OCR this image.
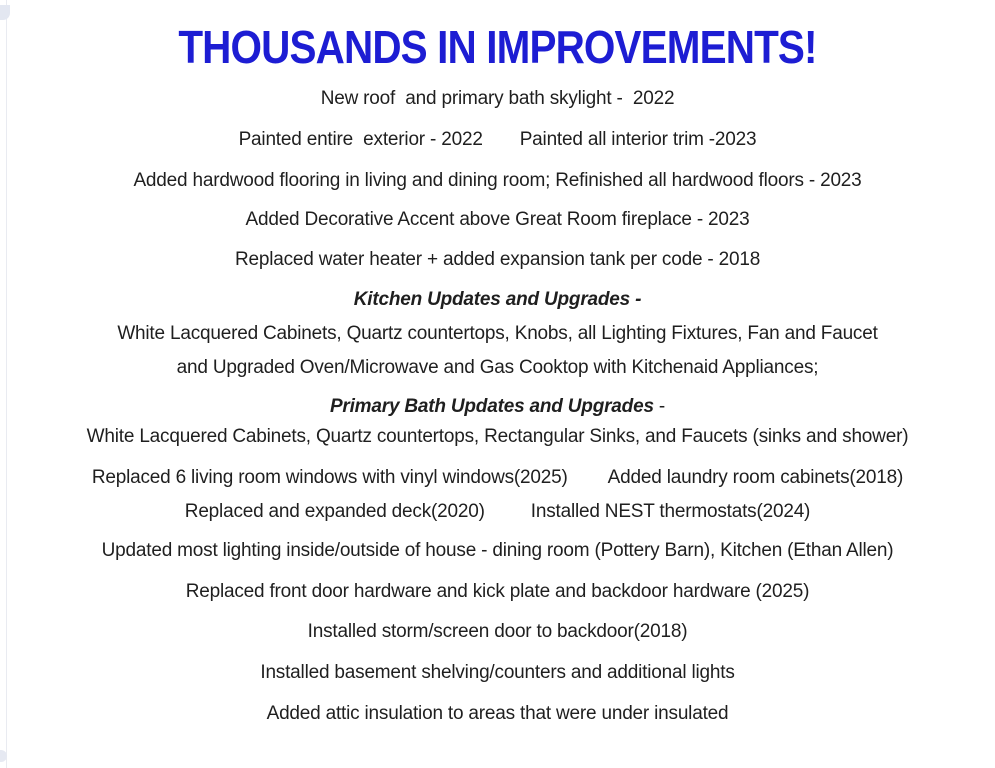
THOUSANDS IN IMPROVEMENTS!
New roof  and primary bath skylight -  2022
Painted entire  exterior - 2022 Painted all interior trim -2023
Added hardwood flooring in living and dining room; Refinished all hardwood floors - 2023
Added Decorative Accent above Great Room fireplace - 2023
Replaced water heater + added expansion tank per code - 2018
Kitchen Updates and Upgrades -
White Lacquered Cabinets, Quartz countertops, Knobs, all Lighting Fixtures, Fan and Faucet
and Upgraded Oven/Microwave and Gas Cooktop with Kitchenaid Appliances;
Primary Bath Updates and Upgrades -
White Lacquered Cabinets, Quartz countertops, Rectangular Sinks, and Faucets (sinks and shower)
Replaced 6 living room windows with vinyl windows(2025) Added laundry room cabinets(2018)
Replaced and expanded deck(2020) Installed NEST thermostats(2024)
Updated most lighting inside/outside of house - dining room (Pottery Barn), Kitchen (Ethan Allen)
Replaced front door hardware and kick plate and backdoor hardware (2025)
Installed storm/screen door to backdoor(2018)
Installed basement shelving/counters and additional lights
Added attic insulation to areas that were under insulated
